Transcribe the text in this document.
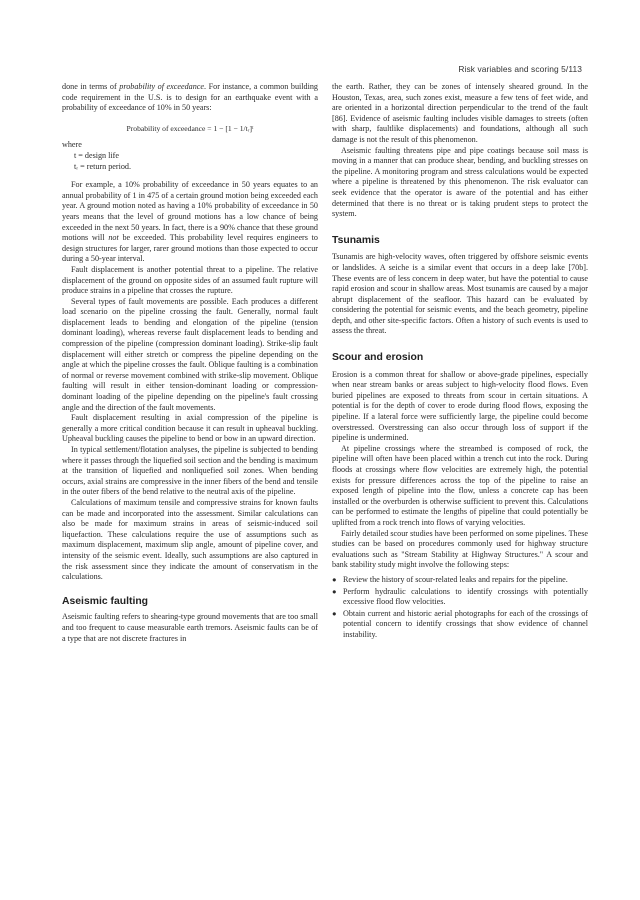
Risk variables and scoring 5/113

done in terms of probability of exceedance. For instance, a common building code requirement in the U.S. is to design for an earthquake event with a probability of exceedance of 10% in 50 years:

Probability of exceedance = 1 − [1 − 1/tᵣ]ᵗ

where

t = design life

tᵣ = return period.

For example, a 10% probability of exceedance in 50 years equates to an annual probability of 1 in 475 of a certain ground motion being exceeded each year. A ground motion noted as having a 10% probability of exceedance in 50 years means that the level of ground motions has a low chance of being exceeded in the next 50 years. In fact, there is a 90% chance that these ground motions will not be exceeded. This probability level requires engineers to design structures for larger, rarer ground motions than those expected to occur during a 50-year interval.

Fault displacement is another potential threat to a pipeline. The relative displacement of the ground on opposite sides of an assumed fault rupture will produce strains in a pipeline that crosses the rupture.

Several types of fault movements are possible. Each produces a different load scenario on the pipeline crossing the fault. Generally, normal fault displacement leads to bending and elongation of the pipeline (tension dominant loading), whereas reverse fault displacement leads to bending and compression of the pipeline (compression dominant loading). Strike-slip fault displacement will either stretch or compress the pipeline depending on the angle at which the pipeline crosses the fault. Oblique faulting is a combination of normal or reverse movement combined with strike-slip movement. Oblique faulting will result in either tension-dominant loading or compression-dominant loading of the pipeline depending on the pipeline's fault crossing angle and the direction of the fault movements.

Fault displacement resulting in axial compression of the pipeline is generally a more critical condition because it can result in upheaval buckling. Upheaval buckling causes the pipeline to bend or bow in an upward direction.

In typical settlement/flotation analyses, the pipeline is subjected to bending where it passes through the liquefied soil section and the bending is maximum at the transition of liquefied and nonliquefied soil zones. When bending occurs, axial strains are compressive in the inner fibers of the bend and tensile in the outer fibers of the bend relative to the neutral axis of the pipeline.

Calculations of maximum tensile and compressive strains for known faults can be made and incorporated into the assessment. Similar calculations can also be made for maximum strains in areas of seismic-induced soil liquefaction. These calculations require the use of assumptions such as maximum displacement, maximum slip angle, amount of pipeline cover, and intensity of the seismic event. Ideally, such assumptions are also captured in the risk assessment since they indicate the amount of conservatism in the calculations.

Aseismic faulting

Aseismic faulting refers to shearing-type ground movements that are too small and too frequent to cause measurable earth tremors. Aseismic faults can be of a type that are not discrete fractures in

the earth. Rather, they can be zones of intensely sheared ground. In the Houston, Texas, area, such zones exist, measure a few tens of feet wide, and are oriented in a horizontal direction perpendicular to the trend of the fault [86]. Evidence of aseismic faulting includes visible damages to streets (often with sharp, faultlike displacements) and foundations, although all such damage is not the result of this phenomenon.

Aseismic faulting threatens pipe and pipe coatings because soil mass is moving in a manner that can produce shear, bending, and buckling stresses on the pipeline. A monitoring program and stress calculations would be expected where a pipeline is threatened by this phenomenon. The risk evaluator can seek evidence that the operator is aware of the potential and has either determined that there is no threat or is taking prudent steps to protect the system.

Tsunamis

Tsunamis are high-velocity waves, often triggered by offshore seismic events or landslides. A seiche is a similar event that occurs in a deep lake [70b]. These events are of less concern in deep water, but have the potential to cause rapid erosion and scour in shallow areas. Most tsunamis are caused by a major abrupt displacement of the seafloor. This hazard can be evaluated by considering the potential for seismic events, and the beach geometry, pipeline depth, and other site-specific factors. Often a history of such events is used to assess the threat.

Scour and erosion

Erosion is a common threat for shallow or above-grade pipelines, especially when near stream banks or areas subject to high-velocity flood flows. Even buried pipelines are exposed to threats from scour in certain situations. A potential is for the depth of cover to erode during flood flows, exposing the pipeline. If a lateral force were sufficiently large, the pipeline could become overstressed. Overstressing can also occur through loss of support if the pipeline is undermined.

At pipeline crossings where the streambed is composed of rock, the pipeline will often have been placed within a trench cut into the rock. During floods at crossings where flow velocities are extremely high, the potential exists for pressure differences across the top of the pipeline to raise an exposed length of pipeline into the flow, unless a concrete cap has been installed or the overburden is otherwise sufficient to prevent this. Calculations can be performed to estimate the lengths of pipeline that could potentially be uplifted from a rock trench into flows of varying velocities.

Fairly detailed scour studies have been performed on some pipelines. These studies can be based on procedures commonly used for highway structure evaluations such as "Stream Stability at Highway Structures." A scour and bank stability study might involve the following steps:

● Review the history of scour-related leaks and repairs for the pipeline.
● Perform hydraulic calculations to identify crossings with potentially excessive flood flow velocities.
● Obtain current and historic aerial photographs for each of the crossings of potential concern to identify crossings that show evidence of channel instability.
